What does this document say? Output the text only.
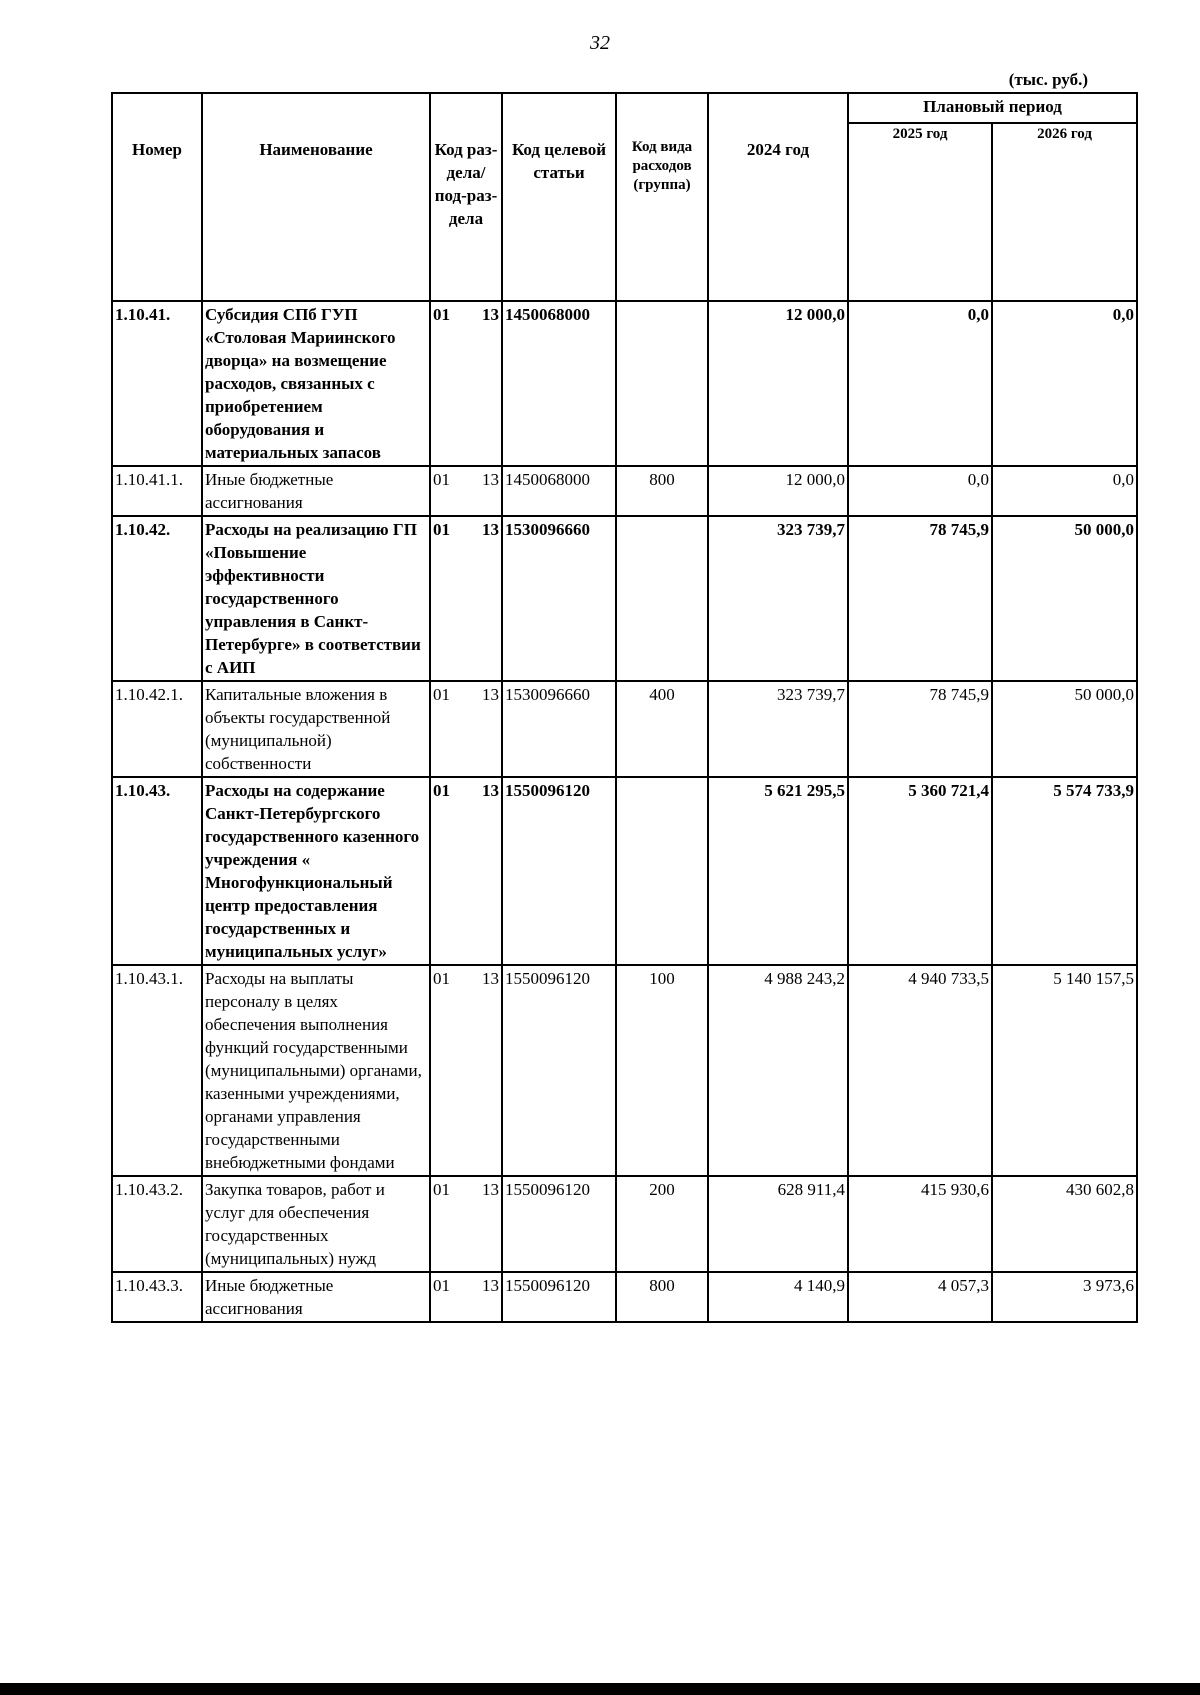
32
(тыс. руб.)
Номер	Наименование	Код раз-дела/ под-раз-дела	Код целевой статьи	Код вида расходов (группа)	2024 год	Плановый период	
						2025 год	2026 год
1.10.41.	Субсидия СПб ГУП «Столовая Мариинского дворца» на возмещение расходов, связанных с приобретением оборудования и материальных запасов	01 13	1450068000		12 000,0	0,0	0,0
1.10.41.1.	Иные бюджетные ассигнования	01 13	1450068000	800	12 000,0	0,0	0,0
1.10.42.	Расходы на реализацию ГП «Повышение эффективности государственного управления в Санкт-Петербурге» в соответствии с АИП	01 13	1530096660		323 739,7	78 745,9	50 000,0
1.10.42.1.	Капитальные вложения в объекты государственной (муниципальной) собственности	01 13	1530096660	400	323 739,7	78 745,9	50 000,0
1.10.43.	Расходы на содержание Санкт-Петербургского государственного казенного учреждения « Многофункциональный центр предоставления государственных и муниципальных услуг»	01 13	1550096120		5 621 295,5	5 360 721,4	5 574 733,9
1.10.43.1.	Расходы на выплаты персоналу в целях обеспечения выполнения функций государственными (муниципальными) органами, казенными учреждениями, органами управления государственными внебюджетными фондами	01 13	1550096120	100	4 988 243,2	4 940 733,5	5 140 157,5
1.10.43.2.	Закупка товаров, работ и услуг для обеспечения государственных (муниципальных) нужд	01 13	1550096120	200	628 911,4	415 930,6	430 602,8
1.10.43.3.	Иные бюджетные ассигнования	01 13	1550096120	800	4 140,9	4 057,3	3 973,6
